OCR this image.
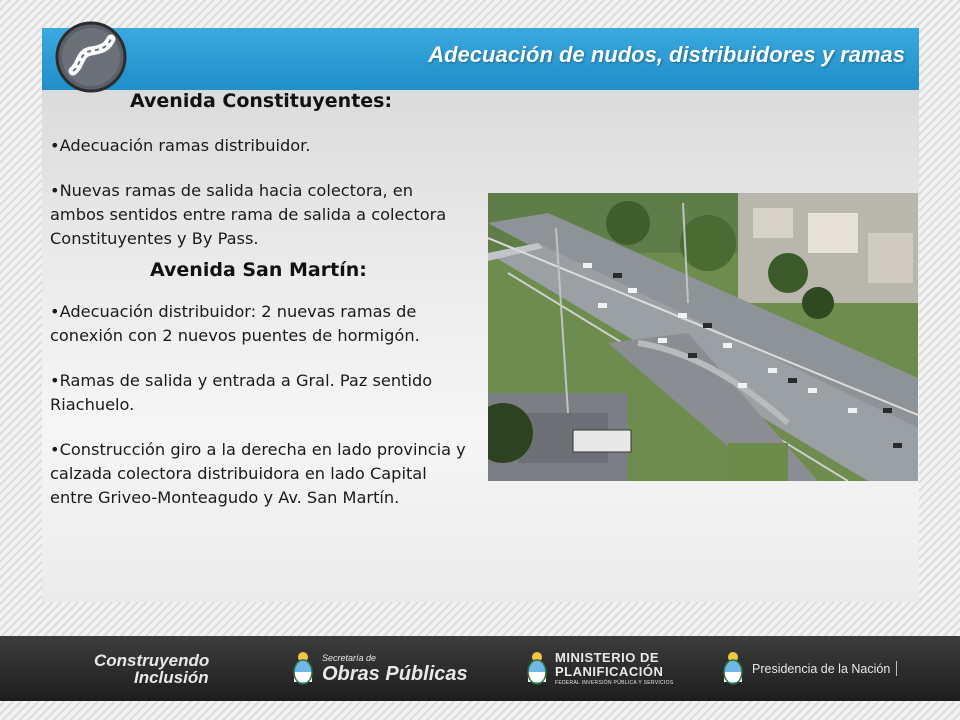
Adecuación de nudos, distribuidores y ramas
Avenida Constituyentes:

• Adecuación ramas distribuidor.

• Nuevas ramas de salida hacia colectora, en ambos sentidos entre rama de salida a colectora Constituyentes y By Pass.

Avenida San Martín:

• Adecuación distribuidor: 2 nuevas ramas de conexión con 2 nuevos puentes de hormigón.

• Ramas de salida y entrada a Gral. Paz sentido Riachuelo.

• Construcción giro a la derecha en lado provincia y calzada colectora distribuidora en lado Capital entre Griveo-Monteagudo y Av. San Martín.

Construyendo
Inclusión
Secretaría de
Obras Públicas
MINISTERIO DE
PLANIFICACIÓN
FEDERAL INVERSIÓN PÚBLICA Y SERVICIOS
Presidencia de la Nación
